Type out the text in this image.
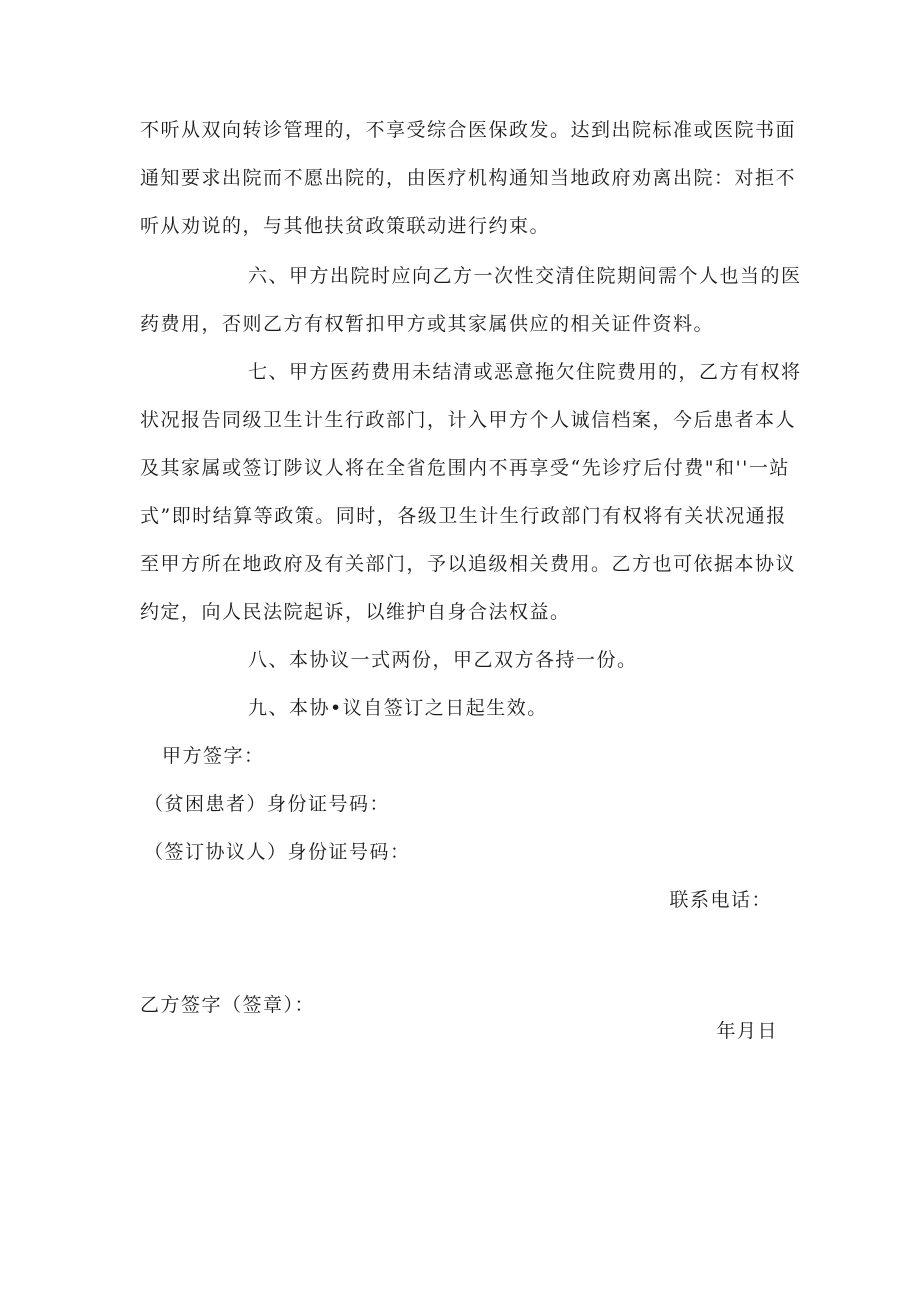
不听从双向转诊管理的，不享受综合医保政发。达到出院标准或医院书面
通知要求出院而不愿出院的，由医疗机构通知当地政府劝离出院：对拒不
听从劝说的，与其他扶贫政策联动进行约束。
六、甲方出院时应向乙方一次性交清住院期间需个人也当的医
药费用，否则乙方有权暂扣甲方或其家属供应的相关证件资料。
七、甲方医药费用未结清或恶意拖欠住院费用的，乙方有权将
状况报告同级卫生计生行政部门，计入甲方个人诚信档案，今后患者本人
及其家属或签订陟议人将在全省危围内不再享受“先诊疗后付费"和''一站
式”即时结算等政策。同时，各级卫生计生行政部门有权将有关状况通报
至甲方所在地政府及有关部门，予以追级相关费用。乙方也可依据本协议
约定，向人民法院起诉，以维护自身合法权益。
八、本协议一式两份，甲乙双方各持一份。
九、本协•议自签订之日起生效。
甲方签字：
（贫困患者）身份证号码：
（签订协议人）身份证号码：
联系电话：
乙方签字（签章）：
年月日
